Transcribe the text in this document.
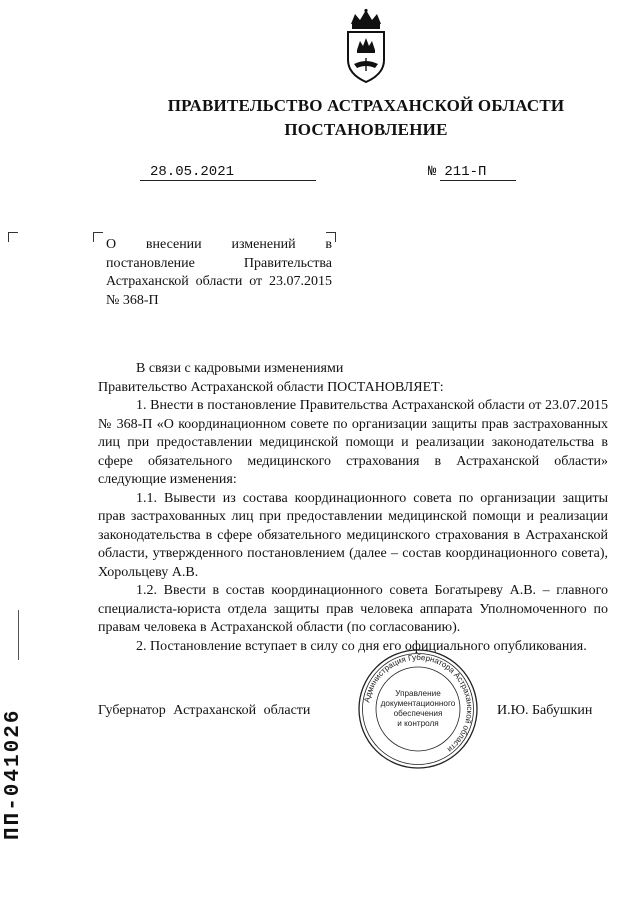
ПРАВИТЕЛЬСТВО АСТРАХАНСКОЙ ОБЛАСТИ
ПОСТАНОВЛЕНИЕ
28.05.2021	№ 211-П
О внесении изменений в постановление Правительства Астраханской области от 23.07.2015 № 368-П

В связи с кадровыми изменениями

Правительство Астраханской области ПОСТАНОВЛЯЕТ:

1. Внести в постановление Правительства Астраханской области от 23.07.2015 № 368-П «О координационном совете по организации защиты прав застрахованных лиц при предоставлении медицинской помощи и реализации законодательства в сфере обязательного медицинского страхования в Астраханской области» следующие изменения:

1.1. Вывести из состава координационного совета по организации защиты прав застрахованных лиц при предоставлении медицинской помощи и реализации законодательства в сфере обязательного медицинского страхования в Астраханской области, утвержденного постановлением (далее – состав координационного совета), Хорольцеву А.В.

1.2. Ввести в состав координационного совета Богатыреву А.В. – главного специалиста-юриста отдела защиты прав человека аппарата Уполномоченного по правам человека в Астраханской области (по согласованию).

2. Постановление вступает в силу со дня его официального опубликования.

Губернатор Астраханской области	И.Ю. Бабушкин
Администрация Губернатора Астраханской области
Управление
документационного
обеспечения
и контроля
ПП-041026
